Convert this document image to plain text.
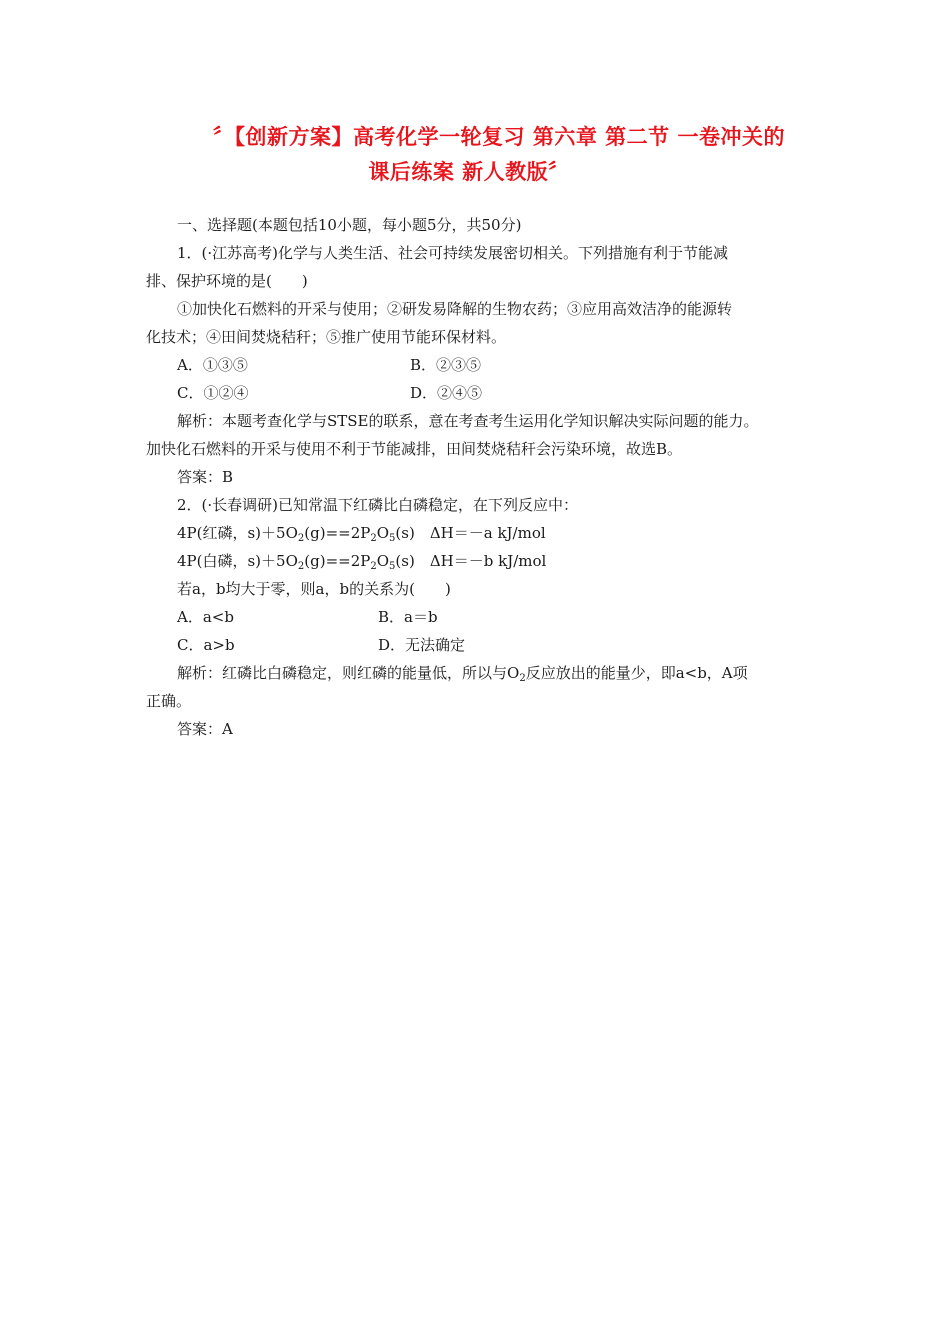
〞【创新方案】高考化学一轮复习 第六章 第二节 一卷冲关的
课后练案 新人教版〞
一、选择题(本题包括10小题，每小题5分，共50分)
1．(·江苏高考)化学与人类生活、社会可持续发展密切相关。下列措施有利于节能减
排、保护环境的是(　　)
①加快化石燃料的开采与使用；②研发易降解的生物农药；③应用高效洁净的能源转
化技术；④田间焚烧秸秆；⑤推广使用节能环保材料。
A．①③⑤	B．②③⑤
C．①②④	D．②④⑤
解析：本题考查化学与STSE的联系，意在考查考生运用化学知识解决实际问题的能力。
加快化石燃料的开采与使用不利于节能减排，田间焚烧秸秆会污染环境，故选B。
答案：B
2．(·长春调研)已知常温下红磷比白磷稳定，在下列反应中：
4P(红磷，$s)+5O_2(g)==2P_2O_5(s)$　ΔH＝－a kJ/mol
4P(白磷，$s)+5O_2(g)==2P_2O_5(s)$　ΔH＝－b kJ/mol
若a，b均大于零，则a，b的关系为(　　)
A．a<b	B．a＝b
C．a>b	D．无法确定
解析：红磷比白磷稳定，则红磷的能量低，所以与$O_2$反应放出的能量少，即a<b，A项
正确。
答案：A
